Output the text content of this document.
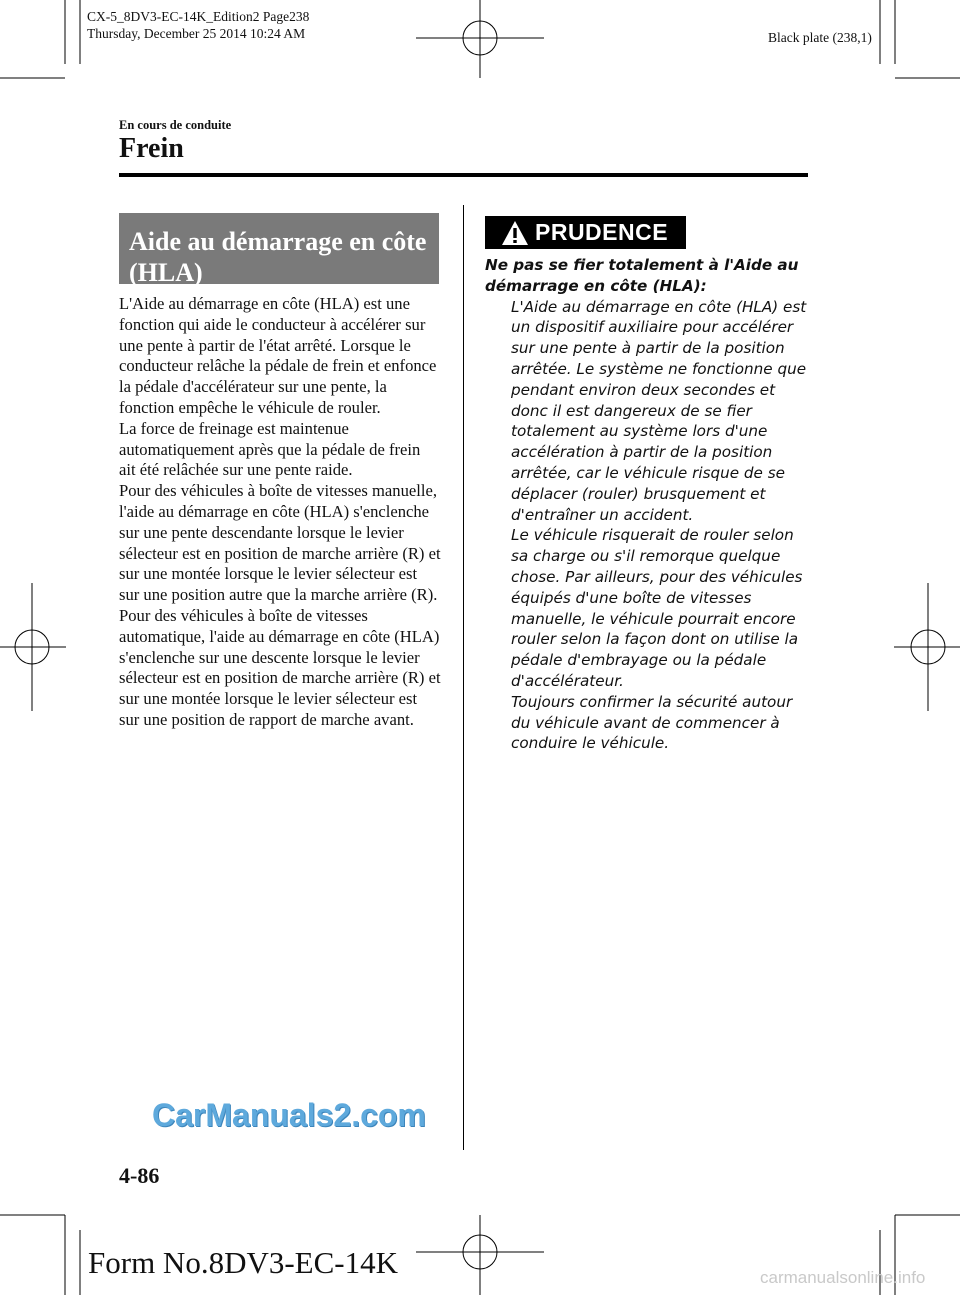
CX-5_8DV3-EC-14K_Edition2 Page238
Thursday, December 25 2014 10:24 AM	Black plate (238,1)
En cours de conduite
Frein
Aide au démarrage en côte
(HLA)

L'Aide au démarrage en côte (HLA) est une fonction qui aide le conducteur à accélérer sur une pente à partir de l'état arrêté. Lorsque le conducteur relâche la pédale de frein et enfonce la pédale d'accélérateur sur une pente, la fonction empêche le véhicule de rouler.

La force de freinage est maintenue automatiquement après que la pédale de frein ait été relâchée sur une pente raide.

Pour des véhicules à boîte de vitesses manuelle, l'aide au démarrage en côte (HLA) s'enclenche sur une pente descendante lorsque le levier sélecteur est en position de marche arrière (R) et sur une montée lorsque le levier sélecteur est sur une position autre que la marche arrière (R).

Pour des véhicules à boîte de vitesses automatique, l'aide au démarrage en côte (HLA) s'enclenche sur une descente lorsque le levier sélecteur est en position de marche arrière (R) et sur une montée lorsque le levier sélecteur est sur une position de rapport de marche avant.

PRUDENCE

Ne pas se fier totalement à l'Aide au démarrage en côte (HLA):

L'Aide au démarrage en côte (HLA) est un dispositif auxiliaire pour accélérer sur une pente à partir de la position arrêtée. Le système ne fonctionne que pendant environ deux secondes et donc il est dangereux de se fier totalement au système lors d'une accélération à partir de la position arrêtée, car le véhicule risque de se déplacer (rouler) brusquement et d'entraîner un accident.

Le véhicule risquerait de rouler selon sa charge ou s'il remorque quelque chose. Par ailleurs, pour des véhicules équipés d'une boîte de vitesses manuelle, le véhicule pourrait encore rouler selon la façon dont on utilise la pédale d'embrayage ou la pédale d'accélérateur.

Toujours confirmer la sécurité autour du véhicule avant de commencer à conduire le véhicule.

CarManuals2.com
4-86
Form No.8DV3-EC-14K	carmanualsonline.info
